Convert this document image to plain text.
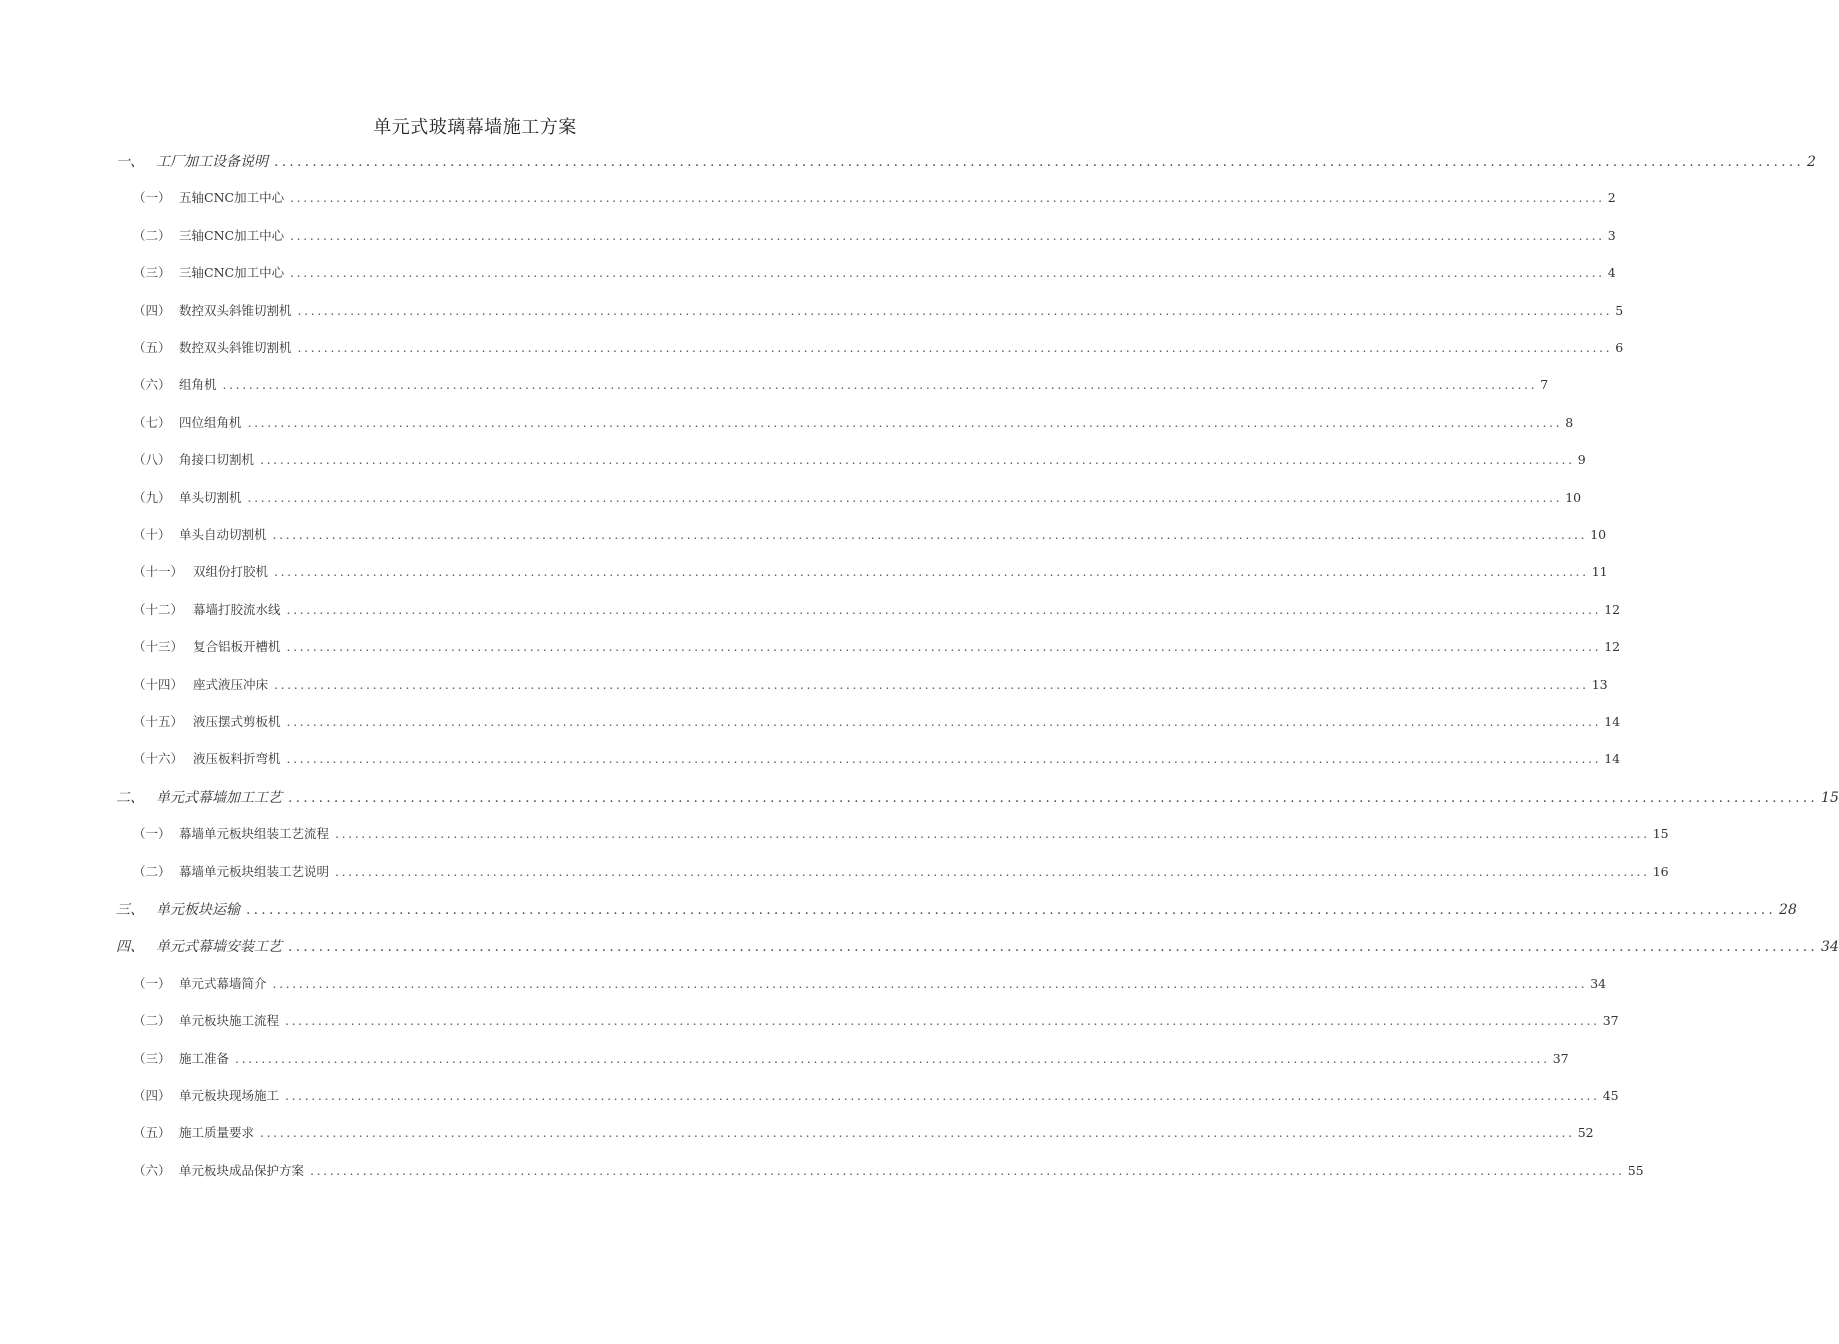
单元式玻璃幕墙施工方案
一、 工厂加工设备说明 ........................................................................................................................................................................................................ 2
（一） 五轴CNC加工中心 ........................................................................................................................................................................................................ 2
（二） 三轴CNC加工中心 ........................................................................................................................................................................................................ 3
（三） 三轴CNC加工中心 ........................................................................................................................................................................................................ 4
（四） 数控双头斜锥切割机 ........................................................................................................................................................................................................ 5
（五） 数控双头斜锥切割机 ........................................................................................................................................................................................................ 6
（六） 组角机 ........................................................................................................................................................................................................ 7
（七） 四位组角机 ........................................................................................................................................................................................................ 8
（八） 角接口切割机 ........................................................................................................................................................................................................ 9
（九） 单头切割机 ........................................................................................................................................................................................................ 10
（十） 单头自动切割机 ........................................................................................................................................................................................................ 10
（十一） 双组份打胶机 ........................................................................................................................................................................................................ 11
（十二） 幕墙打胶流水线 ........................................................................................................................................................................................................ 12
（十三） 复合铝板开槽机 ........................................................................................................................................................................................................ 12
（十四） 座式液压冲床 ........................................................................................................................................................................................................ 13
（十五） 液压摆式剪板机 ........................................................................................................................................................................................................ 14
（十六） 液压板料折弯机 ........................................................................................................................................................................................................ 14
二、 单元式幕墙加工工艺 ........................................................................................................................................................................................................ 15
（一） 幕墙单元板块组装工艺流程 ........................................................................................................................................................................................................ 15
（二） 幕墙单元板块组装工艺说明 ........................................................................................................................................................................................................ 16
三、 单元板块运输 ........................................................................................................................................................................................................ 28
四、 单元式幕墙安装工艺 ........................................................................................................................................................................................................ 34
（一） 单元式幕墙简介 ........................................................................................................................................................................................................ 34
（二） 单元板块施工流程 ........................................................................................................................................................................................................ 37
（三） 施工准备 ........................................................................................................................................................................................................ 37
（四） 单元板块现场施工 ........................................................................................................................................................................................................ 45
（五） 施工质量要求 ........................................................................................................................................................................................................ 52
（六） 单元板块成品保护方案 ........................................................................................................................................................................................................ 55
